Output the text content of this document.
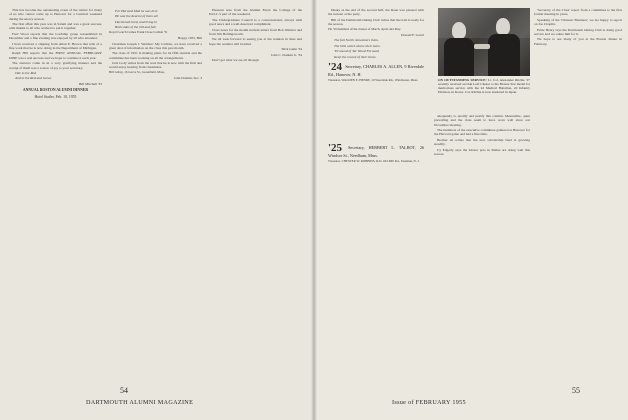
This has become the outstanding event of the winter for many of us who cannot come up to Hanover for a Carnival weekend during the snowy season.

The first affair this year was in Salem and was a great success, with thanks to all who worked to put it together.

Fred Wood reports that the Lordship group reassembled in December and a fine evening was enjoyed by all who attended.

I have received a clipping from Allan E. Brown that tells of a fine work that he is now doing in the Department of Michigan.

Ralph Hill reports that the FIRST ANNUAL FEBRUARY DINE was a real success and we hope to continue it each year.

The answers come in in a very gratifying manner and the receipt of them was a source of joy to your secretary.

Ode to the Red

And to the Red and Green

Bill Mitchell '33

ANNUAL BOSTON ALUMNI DINNER

Hotel Statler, Feb. 10, 1955

For Harvard Med he was here

He was the dearest of them all.

Dartmouth bred, and living in

Both sides of the hill and fall.

Royal Coatch Comes Frank Close Carlisle '51

Happy 1955, Bill

Chairman Joseph J. Welcher: My Carlisle, we have received a great deal of information on the class this past month.

The class of 1951 is making plans for its fifth reunion and the committee has been working on all the arrangements.

Jack Cody writes from the west that he is now with the firm and would enjoy hearing from classmates.

Bill Gilroy, 16 Grove St., Greenfield, Mass.

John Donkin, Sec. 3

Pleasant note from the Alumni Fund: the College of the D.O.C.'s part of the weekend.

The Undergraduate Council is a conversational, always with good news and a well-deserved compliment.

Class notes for the month include letters from Bob Webster and from Jim Hollingsworth.

We all look forward to seeing you at the reunion in June and hope the weather will be kind.

Dick Gunn '34

John C. Donkin Jr. '34

Don't get what we are all through

54
DARTMOUTH ALUMNI MAGAZINE

Dusky as the end of the second half, the Dean was pleased with the turnout at the party.

Bill of the Dartmouth Outing Club writes that the trail is ready for the season.

I'm '50 members of the classes of March, April, and May.

Donald F. Gavel

The full North remembers them.

The hills watch above their tents.

'Til sound of Tar Wood Forward

Keep the record of their times.

'24 Secretary, CHARLES A. ALLEN, 9 Riverdale Rd., Hanover, N. H.

Treasurer, WALDEN E. HENRY, 10 Woodside Rd., Winchester, Mass.

'25 Secretary, HERBERT L. TALBOT, 26 Windsor St., Needham, Mass.

Treasurer, CHESTER W. ROBBINS, R.D. Old Mill Rd., Eastman, N. J.

ON OUTSTANDING SERVICE: Lt. Col. Alexander Ritchie '27 recently received an Oak Leaf Cluster to his Bronze Star medal for meritorious service with the 2d Medical Battalion, 2d Infantry Division, in Korea. Col. Ritchie is now stationed in Japan.

adequately to qualify and justify this column. Meanwhile, quiet prevailing and the class seem to have worn well since our November meeting.

The members of the executive committee gathered at Hanover for the Harvard game and had a fine time.

Brother Al writes that the new scholarship fund is growing steadily.

Cy Edgerly says the lobster pots in Maine are doing well this season.

'Secretary of the Class' report from a committee is the first formal meeting in years.

Speaking of the 'Citizens' Business', we are happy to report on Joe Chaplin.

Ernie Henry says the Dartmouth Outing Club is doing good service and we salute him for it.

We hope to see many of you at the Boston dinner in February.

Issue of FEBRUARY 1955
55
